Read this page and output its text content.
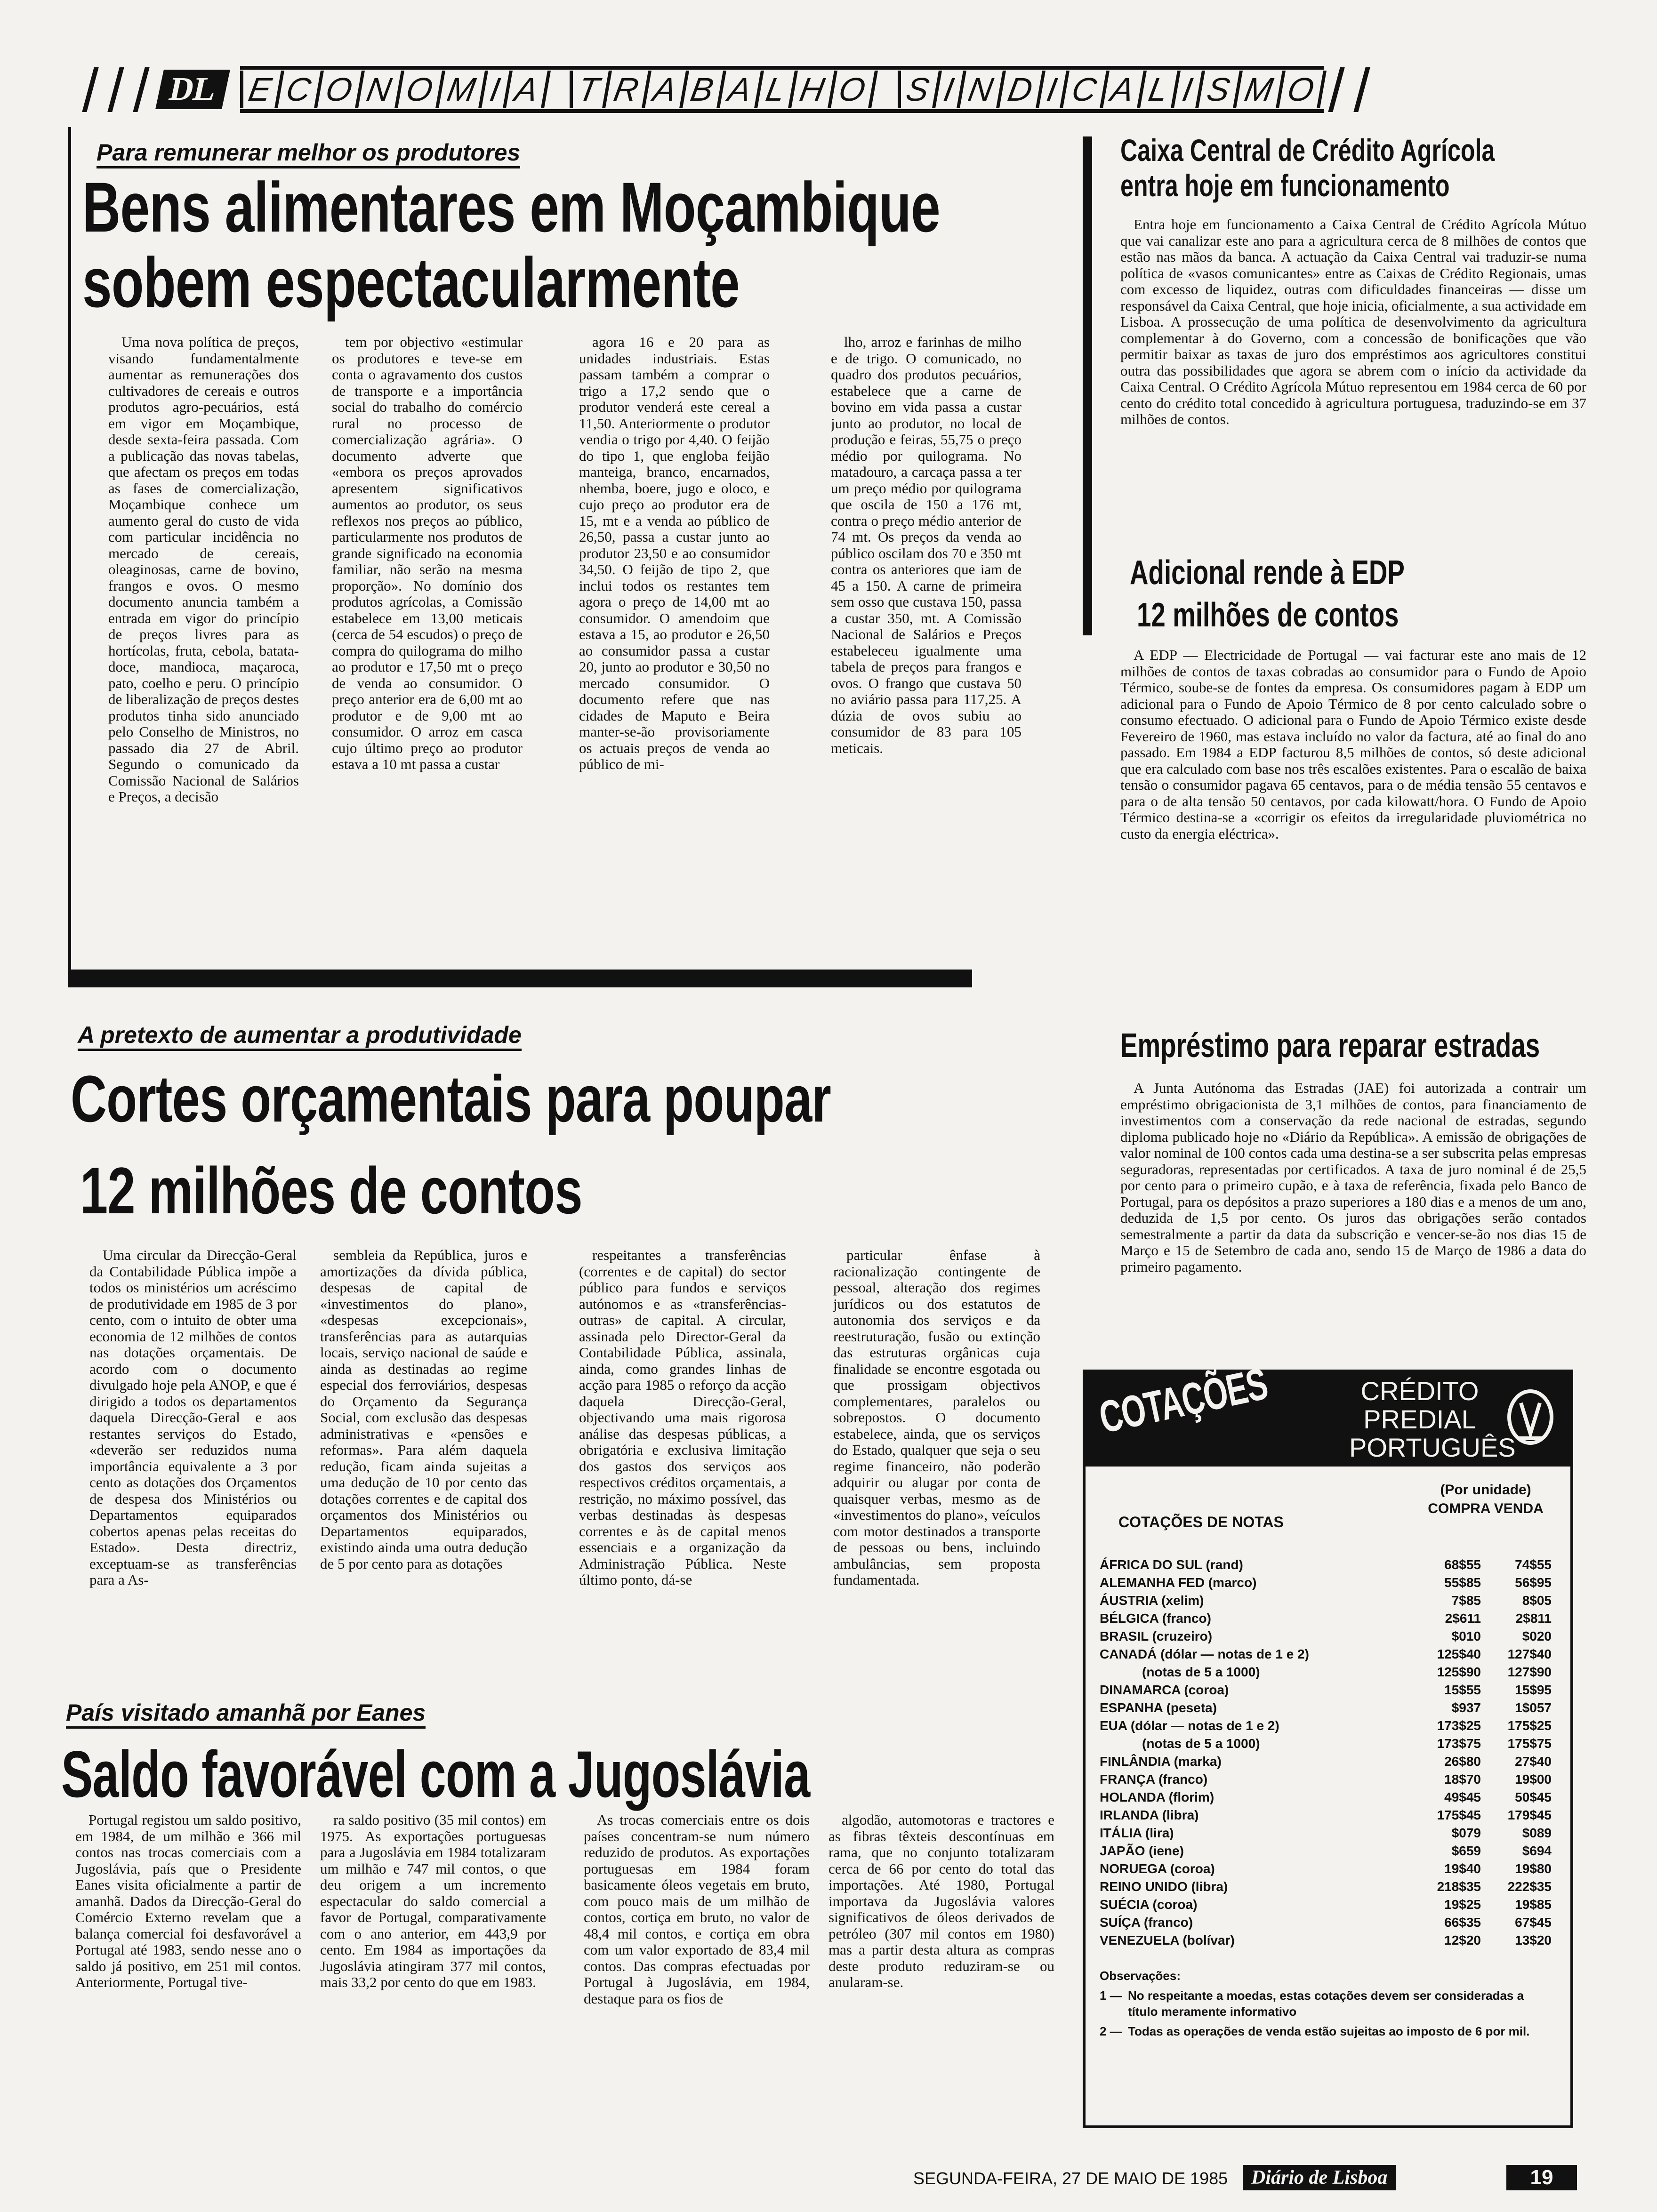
DL E C O N O M I A T R A B A L H O S I N D I C A L I S M O
Para remunerar melhor os produtores
Bens alimentares em Moçambique
sobem espectacularmente

Uma nova política de preços, visando fundamentalmente aumentar as remunerações dos cultivadores de cereais e outros produtos agro-pecuários, está em vigor em Moçambique, desde sexta-feira passada. Com a publicação das novas tabelas, que afectam os preços em todas as fases de comercialização, Moçambique conhece um aumento geral do custo de vida com particular incidência no mercado de cereais, oleaginosas, carne de bovino, frangos e ovos. O mesmo documento anuncia também a entrada em vigor do princípio de preços livres para as hortícolas, fruta, cebola, batata-doce, mandioca, maçaroca, pato, coelho e peru. O princípio de liberalização de preços destes produtos tinha sido anunciado pelo Conselho de Ministros, no passado dia 27 de Abril. Segundo o comunicado da Comissão Nacional de Salários e Preços, a decisão

tem por objectivo «estimular os produtores e teve-se em conta o agravamento dos custos de transporte e a importância social do trabalho do comércio rural no processo de comercialização agrária». O documento adverte que «embora os preços aprovados apresentem significativos aumentos ao produtor, os seus reflexos nos preços ao público, particularmente nos produtos de grande significado na economia familiar, não serão na mesma proporção». No domínio dos produtos agrícolas, a Comissão estabelece em 13,00 meticais (cerca de 54 escudos) o preço de compra do quilograma do milho ao produtor e 17,50 mt o preço de venda ao consumidor. O preço anterior era de 6,00 mt ao produtor e de 9,00 mt ao consumidor. O arroz em casca cujo último preço ao produtor estava a 10 mt passa a custar

agora 16 e 20 para as unidades industriais. Estas passam também a comprar o trigo a 17,2 sendo que o produtor venderá este cereal a 11,50. Anteriormente o produtor vendia o trigo por 4,40. O feijão do tipo 1, que engloba feijão manteiga, branco, encarnados, nhemba, boere, jugo e oloco, e cujo preço ao produtor era de 15, mt e a venda ao público de 26,50, passa a custar junto ao produtor 23,50 e ao consumidor 34,50. O feijão de tipo 2, que inclui todos os restantes tem agora o preço de 14,00 mt ao consumidor. O amendoim que estava a 15, ao produtor e 26,50 ao consumidor passa a custar 20, junto ao produtor e 30,50 no mercado consumidor. O documento refere que nas cidades de Maputo e Beira manter-se-ão provisoriamente os actuais preços de venda ao público de mi-

lho, arroz e farinhas de milho e de trigo. O comunicado, no quadro dos produtos pecuários, estabelece que a carne de bovino em vida passa a custar junto ao produtor, no local de produção e feiras, 55,75 o preço médio por quilograma. No matadouro, a carcaça passa a ter um preço médio por quilograma que oscila de 150 a 176 mt, contra o preço médio anterior de 74 mt. Os preços da venda ao público oscilam dos 70 e 350 mt contra os anteriores que iam de 45 a 150. A carne de primeira sem osso que custava 150, passa a custar 350, mt. A Comissão Nacional de Salários e Preços estabeleceu igualmente uma tabela de preços para frangos e ovos. O frango que custava 50 no aviário passa para 117,25. A dúzia de ovos subiu ao consumidor de 83 para 105 meticais.

A pretexto de aumentar a produtividade
Cortes orçamentais para poupar
12 milhões de contos

Uma circular da Direcção-Geral da Contabilidade Pública impõe a todos os ministérios um acréscimo de produtividade em 1985 de 3 por cento, com o intuito de obter uma economia de 12 milhões de contos nas dotações orçamentais. De acordo com o documento divulgado hoje pela ANOP, e que é dirigido a todos os departamentos daquela Direcção-Geral e aos restantes serviços do Estado, «deverão ser reduzidos numa importância equivalente a 3 por cento as dotações dos Orçamentos de despesa dos Ministérios ou Departamentos equiparados cobertos apenas pelas receitas do Estado». Desta directriz, exceptuam-se as transferências para a As-

sembleia da República, juros e amortizações da dívida pública, despesas de capital de «investimentos do plano», «despesas excepcionais», transferências para as autarquias locais, serviço nacional de saúde e ainda as destinadas ao regime especial dos ferroviários, despesas do Orçamento da Segurança Social, com exclusão das despesas administrativas e «pensões e reformas». Para além daquela redução, ficam ainda sujeitas a uma dedução de 10 por cento das dotações correntes e de capital dos orçamentos dos Ministérios ou Departamentos equiparados, existindo ainda uma outra dedução de 5 por cento para as dotações

respeitantes a transferências (correntes e de capital) do sector público para fundos e serviços autónomos e as «transferências-outras» de capital. A circular, assinada pelo Director-Geral da Contabilidade Pública, assinala, ainda, como grandes linhas de acção para 1985 o reforço da acção daquela Direcção-Geral, objectivando uma mais rigorosa análise das despesas públicas, a obrigatória e exclusiva limitação dos gastos dos serviços aos respectivos créditos orçamentais, a restrição, no máximo possível, das verbas destinadas às despesas correntes e às de capital menos essenciais e a organização da Administração Pública. Neste último ponto, dá-se

particular ênfase à racionalização contingente de pessoal, alteração dos regimes jurídicos ou dos estatutos de autonomia dos serviços e da reestruturação, fusão ou extinção das estruturas orgânicas cuja finalidade se encontre esgotada ou que prossigam objectivos complementares, paralelos ou sobrepostos. O documento estabelece, ainda, que os serviços do Estado, qualquer que seja o seu regime financeiro, não poderão adquirir ou alugar por conta de quaisquer verbas, mesmo as de «investimentos do plano», veículos com motor destinados a transporte de pessoas ou bens, incluindo ambulâncias, sem proposta fundamentada.

País visitado amanhã por Eanes
Saldo favorável com a Jugoslávia

Portugal registou um saldo positivo, em 1984, de um milhão e 366 mil contos nas trocas comerciais com a Jugoslávia, país que o Presidente Eanes visita oficialmente a partir de amanhã. Dados da Direcção-Geral do Comércio Externo revelam que a balança comercial foi desfavorável a Portugal até 1983, sendo nesse ano o saldo já positivo, em 251 mil contos. Anteriormente, Portugal tive-

ra saldo positivo (35 mil contos) em 1975. As exportações portuguesas para a Jugoslávia em 1984 totalizaram um milhão e 747 mil contos, o que deu origem a um incremento espectacular do saldo comercial a favor de Portugal, comparativamente com o ano anterior, em 443,9 por cento. Em 1984 as importações da Jugoslávia atingiram 377 mil contos, mais 33,2 por cento do que em 1983.

As trocas comerciais entre os dois países concentram-se num número reduzido de produtos. As exportações portuguesas em 1984 foram basicamente óleos vegetais em bruto, com pouco mais de um milhão de contos, cortiça em bruto, no valor de 48,4 mil contos, e cortiça em obra com um valor exportado de 83,4 mil contos. Das compras efectuadas por Portugal à Jugoslávia, em 1984, destaque para os fios de

algodão, automotoras e tractores e as fibras têxteis descontínuas em rama, que no conjunto totalizaram cerca de 66 por cento do total das importações. Até 1980, Portugal importava da Jugoslávia valores significativos de óleos derivados de petróleo (307 mil contos em 1980) mas a partir desta altura as compras deste produto reduziram-se ou anularam-se.

Caixa Central de Crédito Agrícola
entra hoje em funcionamento

Entra hoje em funcionamento a Caixa Central de Crédito Agrícola Mútuo que vai canalizar este ano para a agricultura cerca de 8 milhões de contos que estão nas mãos da banca. A actuação da Caixa Central vai traduzir-se numa política de «vasos comunicantes» entre as Caixas de Crédito Regionais, umas com excesso de liquidez, outras com dificuldades financeiras — disse um responsável da Caixa Central, que hoje inicia, oficialmente, a sua actividade em Lisboa. A prossecução de uma política de desenvolvimento da agricultura complementar à do Governo, com a concessão de bonificações que vão permitir baixar as taxas de juro dos empréstimos aos agricultores constitui outra das possibilidades que agora se abrem com o início da actividade da Caixa Central. O Crédito Agrícola Mútuo representou em 1984 cerca de 60 por cento do crédito total concedido à agricultura portuguesa, traduzindo-se em 37 milhões de contos.

Adicional rende à EDP
12 milhões de contos

A EDP — Electricidade de Portugal — vai facturar este ano mais de 12 milhões de contos de taxas cobradas ao consumidor para o Fundo de Apoio Térmico, soube-se de fontes da empresa. Os consumidores pagam à EDP um adicional para o Fundo de Apoio Térmico de 8 por cento calculado sobre o consumo efectuado. O adicional para o Fundo de Apoio Térmico existe desde Fevereiro de 1960, mas estava incluído no valor da factura, até ao final do ano passado. Em 1984 a EDP facturou 8,5 milhões de contos, só deste adicional que era calculado com base nos três escalões existentes. Para o escalão de baixa tensão o consumidor pagava 65 centavos, para o de média tensão 55 centavos e para o de alta tensão 50 centavos, por cada kilowatt/hora. O Fundo de Apoio Térmico destina-se a «corrigir os efeitos da irregularidade pluviométrica no custo da energia eléctrica».

Empréstimo para reparar estradas

A Junta Autónoma das Estradas (JAE) foi autorizada a contrair um empréstimo obrigacionista de 3,1 milhões de contos, para financiamento de investimentos com a conservação da rede nacional de estradas, segundo diploma publicado hoje no «Diário da República». A emissão de obrigações de valor nominal de 100 contos cada uma destina-se a ser subscrita pelas empresas seguradoras, representadas por certificados. A taxa de juro nominal é de 25,5 por cento para o primeiro cupão, e à taxa de referência, fixada pelo Banco de Portugal, para os depósitos a prazo superiores a 180 dias e a menos de um ano, deduzida de 1,5 por cento. Os juros das obrigações serão contados semestralmente a partir da data da subscrição e vencer-se-ão nos dias 15 de Março e 15 de Setembro de cada ano, sendo 15 de Março de 1986 a data do primeiro pagamento.

COTAÇÕES	CRÉDITO
PREDIAL
PORTUGUÊS
(Por unidade)
COMPRA VENDA
COTAÇÕES DE NOTAS
ÁFRICA DO SUL (rand)	68$55	74$55
ALEMANHA FED (marco)	55$85	56$95
ÁUSTRIA (xelim)	7$85	8$05
BÉLGICA (franco)	2$611	2$811
BRASIL (cruzeiro)	$010	$020
CANADÁ (dólar — notas de 1 e 2)	125$40	127$40
(notas de 5 a 1000)	125$90	127$90
DINAMARCA (coroa)	15$55	15$95
ESPANHA (peseta)	$937	1$057
EUA (dólar — notas de 1 e 2)	173$25	175$25
(notas de 5 a 1000)	173$75	175$75
FINLÂNDIA (marka)	26$80	27$40
FRANÇA (franco)	18$70	19$00
HOLANDA (florim)	49$45	50$45
IRLANDA (libra)	175$45	179$45
ITÁLIA (lira)	$079	$089
JAPÃO (iene)	$659	$694
NORUEGA (coroa)	19$40	19$80
REINO UNIDO (libra)	218$35	222$35
SUÉCIA (coroa)	19$25	19$85
SUÍÇA (franco)	66$35	67$45
VENEZUELA (bolívar)	12$20	13$20
Observações:
1 — No respeitante a moedas, estas cotações devem ser consideradas a título meramente informativo
2 — Todas as operações de venda estão sujeitas ao imposto de 6 por mil.
SEGUNDA-FEIRA, 27 DE MAIO DE 1985	Diário de Lisboa	19
